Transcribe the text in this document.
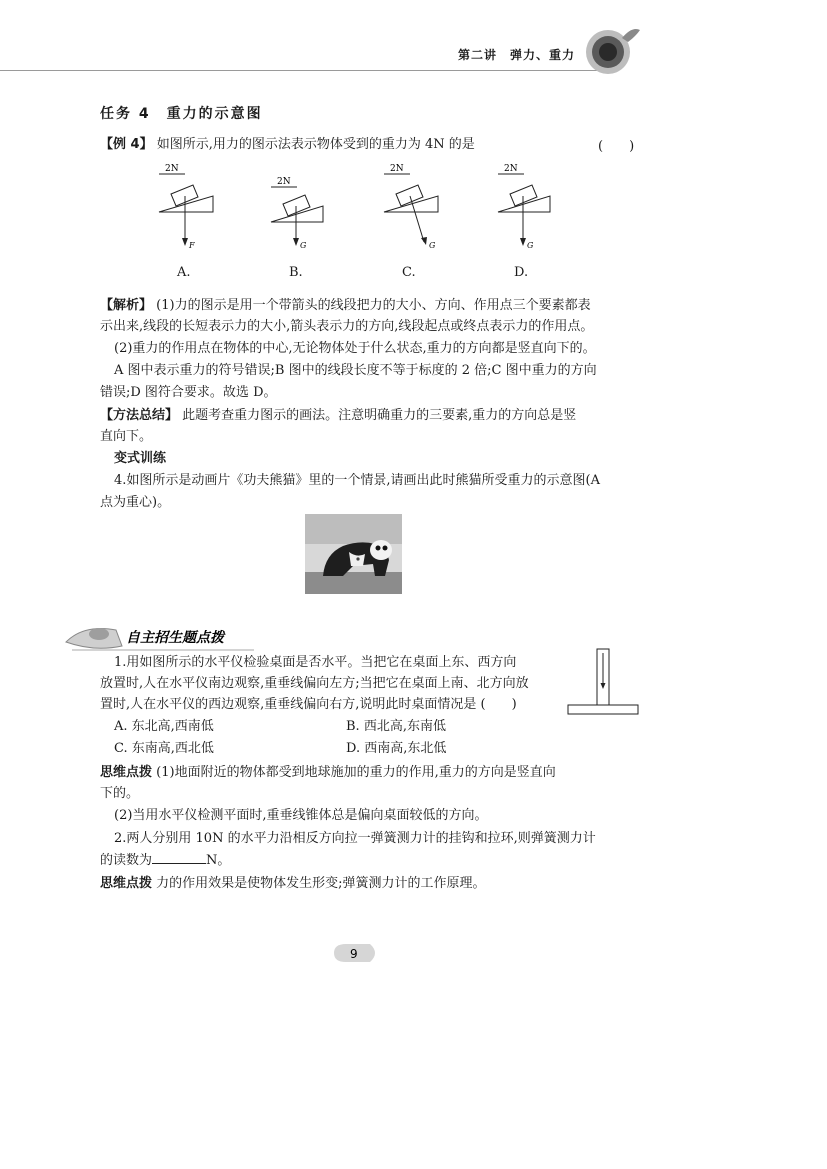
第二讲　弹力、重力
任务 4　重力的示意图
【例 4】 如图所示,用力的图示法表示物体受到的重力为 4N 的是	(　　)
2N
F
2N
G
2N
G
2N
G
A.	B.	C.	D.
【解析】 (1)力的图示是用一个带箭头的线段把力的大小、方向、作用点三个要素都表
示出来,线段的长短表示力的大小,箭头表示力的方向,线段起点或终点表示力的作用点。
(2)重力的作用点在物体的中心,无论物体处于什么状态,重力的方向都是竖直向下的。
A 图中表示重力的符号错误;B 图中的线段长度不等于标度的 2 倍;C 图中重力的方向
错误;D 图符合要求。故选 D。
【方法总结】 此题考查重力图示的画法。注意明确重力的三要素,重力的方向总是竖
直向下。
变式训练
4.如图所示是动画片《功夫熊猫》里的一个情景,请画出此时熊猫所受重力的示意图(A
点为重心)。
自主招生题点拨
1.用如图所示的水平仪检验桌面是否水平。当把它在桌面上东、西方向
放置时,人在水平仪南边观察,重垂线偏向左方;当把它在桌面上南、北方向放
置时,人在水平仪的西边观察,重垂线偏向右方,说明此时桌面情况是 (　　)
A. 东北高,西南低	B. 西北高,东南低
C. 东南高,西北低	D. 西南高,东北低
思维点拨 (1)地面附近的物体都受到地球施加的重力的作用,重力的方向是竖直向
下的。
(2)当用水平仪检测平面时,重垂线锥体总是偏向桌面较低的方向。
2.两人分别用 10N 的水平力沿相反方向拉一弹簧测力计的挂钩和拉环,则弹簧测力计
的读数为	N。
思维点拨 力的作用效果是使物体发生形变;弹簧测力计的工作原理。
9
